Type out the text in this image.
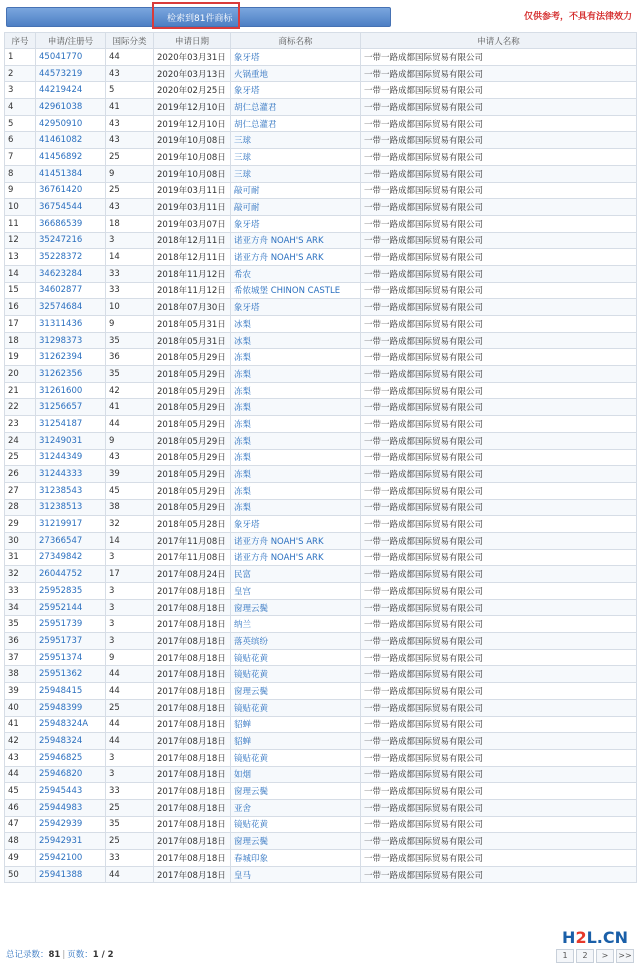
检索到81件商标	仅供参考，不具有法律效力
序号	申请/注册号	国际分类	申请日期	商标名称	申请人名称
1	45041770	44	2020年03月31日	象牙塔	一带一路成都国际贸易有限公司
2	44573219	43	2020年03月13日	火锅重地	一带一路成都国际贸易有限公司
3	44219424	5	2020年02月25日	象牙塔	一带一路成都国际贸易有限公司
4	42961038	41	2019年12月10日	胡仁总灌君	一带一路成都国际贸易有限公司
5	42950910	43	2019年12月10日	胡仁总灌君	一带一路成都国际贸易有限公司
6	41461082	43	2019年10月08日	三球	一带一路成都国际贸易有限公司
7	41456892	25	2019年10月08日	三球	一带一路成都国际贸易有限公司
8	41451384	9	2019年10月08日	三球	一带一路成都国际贸易有限公司
9	36761420	25	2019年03月11日	敲可耐	一带一路成都国际贸易有限公司
10	36754544	43	2019年03月11日	敲可耐	一带一路成都国际贸易有限公司
11	36686539	18	2019年03月07日	象牙塔	一带一路成都国际贸易有限公司
12	35247216	3	2018年12月11日	诺亚方舟 NOAH'S ARK	一带一路成都国际贸易有限公司
13	35228372	14	2018年12月11日	诺亚方舟 NOAH'S ARK	一带一路成都国际贸易有限公司
14	34623284	33	2018年11月12日	希农	一带一路成都国际贸易有限公司
15	34602877	33	2018年11月12日	希侬城堡 CHINON CASTLE	一带一路成都国际贸易有限公司
16	32574684	10	2018年07月30日	象牙塔	一带一路成都国际贸易有限公司
17	31311436	9	2018年05月31日	冰梨	一带一路成都国际贸易有限公司
18	31298373	35	2018年05月31日	冰梨	一带一路成都国际贸易有限公司
19	31262394	36	2018年05月29日	冻梨	一带一路成都国际贸易有限公司
20	31262356	35	2018年05月29日	冻梨	一带一路成都国际贸易有限公司
21	31261600	42	2018年05月29日	冻梨	一带一路成都国际贸易有限公司
22	31256657	41	2018年05月29日	冻梨	一带一路成都国际贸易有限公司
23	31254187	44	2018年05月29日	冻梨	一带一路成都国际贸易有限公司
24	31249031	9	2018年05月29日	冻梨	一带一路成都国际贸易有限公司
25	31244349	43	2018年05月29日	冻梨	一带一路成都国际贸易有限公司
26	31244333	39	2018年05月29日	冻梨	一带一路成都国际贸易有限公司
27	31238543	45	2018年05月29日	冻梨	一带一路成都国际贸易有限公司
28	31238513	38	2018年05月29日	冻梨	一带一路成都国际贸易有限公司
29	31219917	32	2018年05月28日	象牙塔	一带一路成都国际贸易有限公司
30	27366547	14	2017年11月08日	诺亚方舟 NOAH'S ARK	一带一路成都国际贸易有限公司
31	27349842	3	2017年11月08日	诺亚方舟 NOAH'S ARK	一带一路成都国际贸易有限公司
32	26044752	17	2017年08月24日	民富	一带一路成都国际贸易有限公司
33	25952835	3	2017年08月18日	皇宫	一带一路成都国际贸易有限公司
34	25952144	3	2017年08月18日	窗理云鬓	一带一路成都国际贸易有限公司
35	25951739	3	2017年08月18日	纳兰	一带一路成都国际贸易有限公司
36	25951737	3	2017年08月18日	落英缤纷	一带一路成都国际贸易有限公司
37	25951374	9	2017年08月18日	镜贴花黄	一带一路成都国际贸易有限公司
38	25951362	44	2017年08月18日	镜贴花黄	一带一路成都国际贸易有限公司
39	25948415	44	2017年08月18日	窗理云鬓	一带一路成都国际贸易有限公司
40	25948399	25	2017年08月18日	镜贴花黄	一带一路成都国际贸易有限公司
41	25948324A	44	2017年08月18日	貂蝉	一带一路成都国际贸易有限公司
42	25948324	44	2017年08月18日	貂蝉	一带一路成都国际贸易有限公司
43	25946825	3	2017年08月18日	镜贴花黄	一带一路成都国际贸易有限公司
44	25946820	3	2017年08月18日	如烟	一带一路成都国际贸易有限公司
45	25945443	33	2017年08月18日	窗理云鬓	一带一路成都国际贸易有限公司
46	25944983	25	2017年08月18日	亚舍	一带一路成都国际贸易有限公司
47	25942939	35	2017年08月18日	镜贴花黄	一带一路成都国际贸易有限公司
48	25942931	25	2017年08月18日	窗理云鬓	一带一路成都国际贸易有限公司
49	25942100	33	2017年08月18日	春城印象	一带一路成都国际贸易有限公司
50	25941388	44	2017年08月18日	皇马	一带一路成都国际贸易有限公司
总记录数：81 | 页数：1 / 2	1	2	>	>>
H2L.CN
